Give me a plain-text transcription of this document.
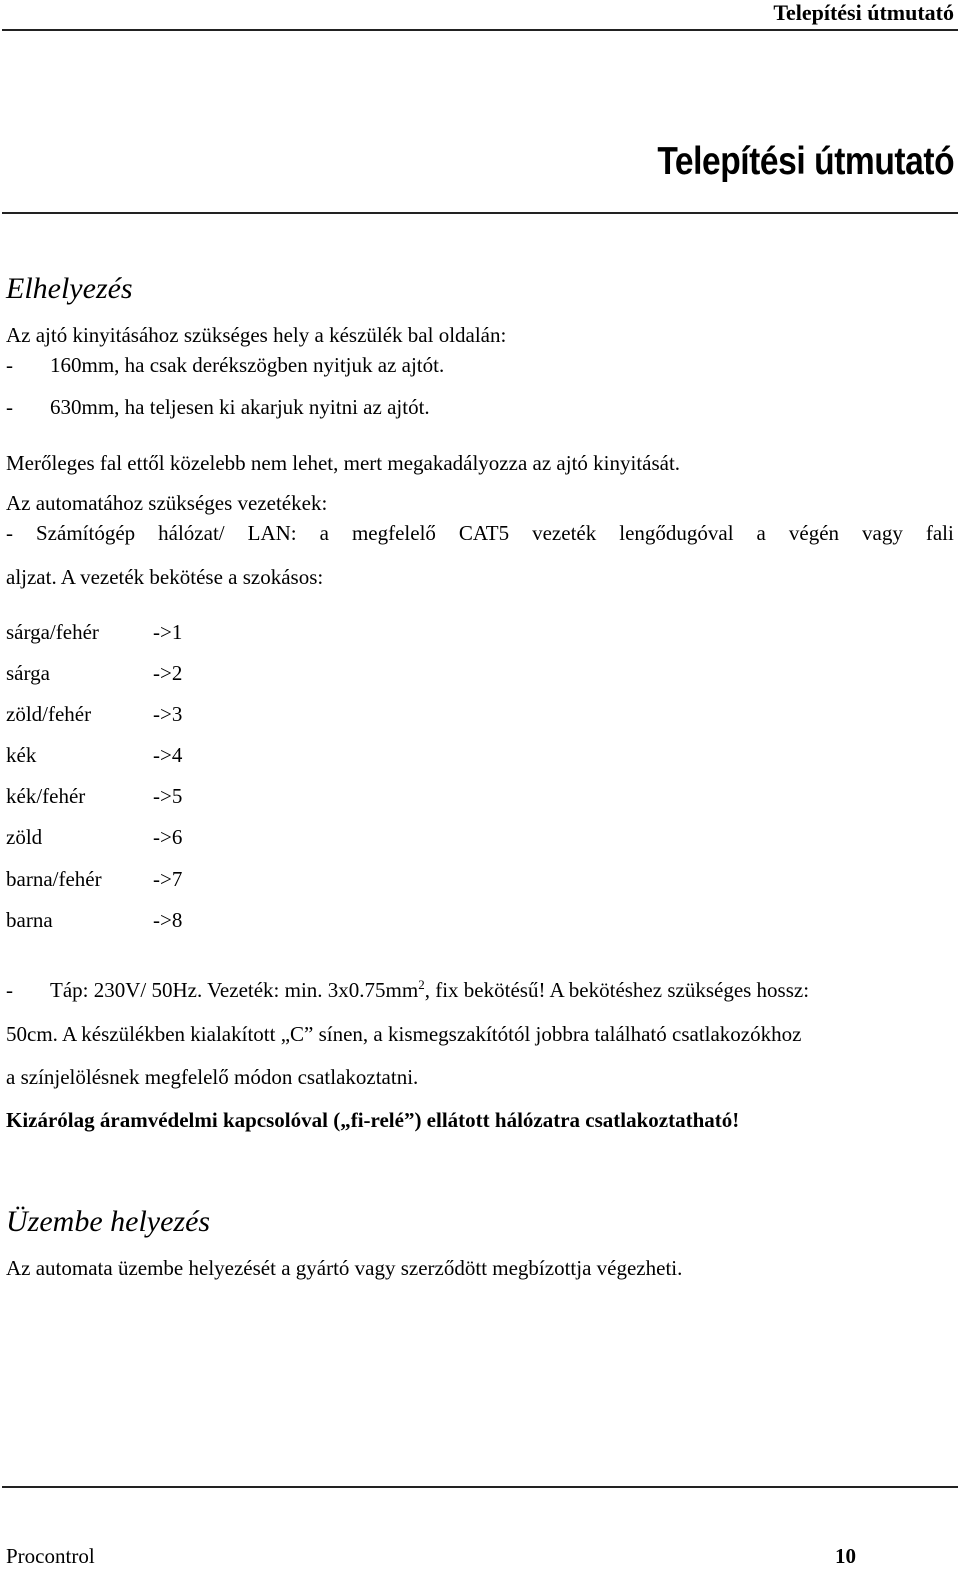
Telepítési útmutató
Telepítési útmutató
Elhelyezés
Az ajtó kinyitásához szükséges hely a készülék bal oldalán:
- 160mm, ha csak derékszögben nyitjuk az ajtót.
- 630mm, ha teljesen ki akarjuk nyitni az ajtót.
Merőleges fal ettől közelebb nem lehet, mert megakadályozza az ajtó kinyitását.
Az automatához szükséges vezetékek:
- Számítógép hálózat/ LAN: a megfelelő CAT5 vezeték lengődugóval a végén vagy fali
aljzat. A vezeték bekötése a szokásos:
sárga/fehér	->1
sárga	->2
zöld/fehér	->3
kék	->4
kék/fehér	->5
zöld	->6
barna/fehér ->7
barna	->8
- Táp: 230V/ 50Hz. Vezeték: min. $3x0.75mm^2$, fix bekötésű! A bekötéshez szükséges hossz:
50cm. A készülékben kialakított „C” sínen, a kismegszakítótól jobbra található csatlakozókhoz
a színjelölésnek megfelelő módon csatlakoztatni.
Kizárólag áramvédelmi kapcsolóval („fi-relé”) ellátott hálózatra csatlakoztatható!
Üzembe helyezés
Az automata üzembe helyezését a gyártó vagy szerződött megbízottja végezheti.
Procontrol	10
